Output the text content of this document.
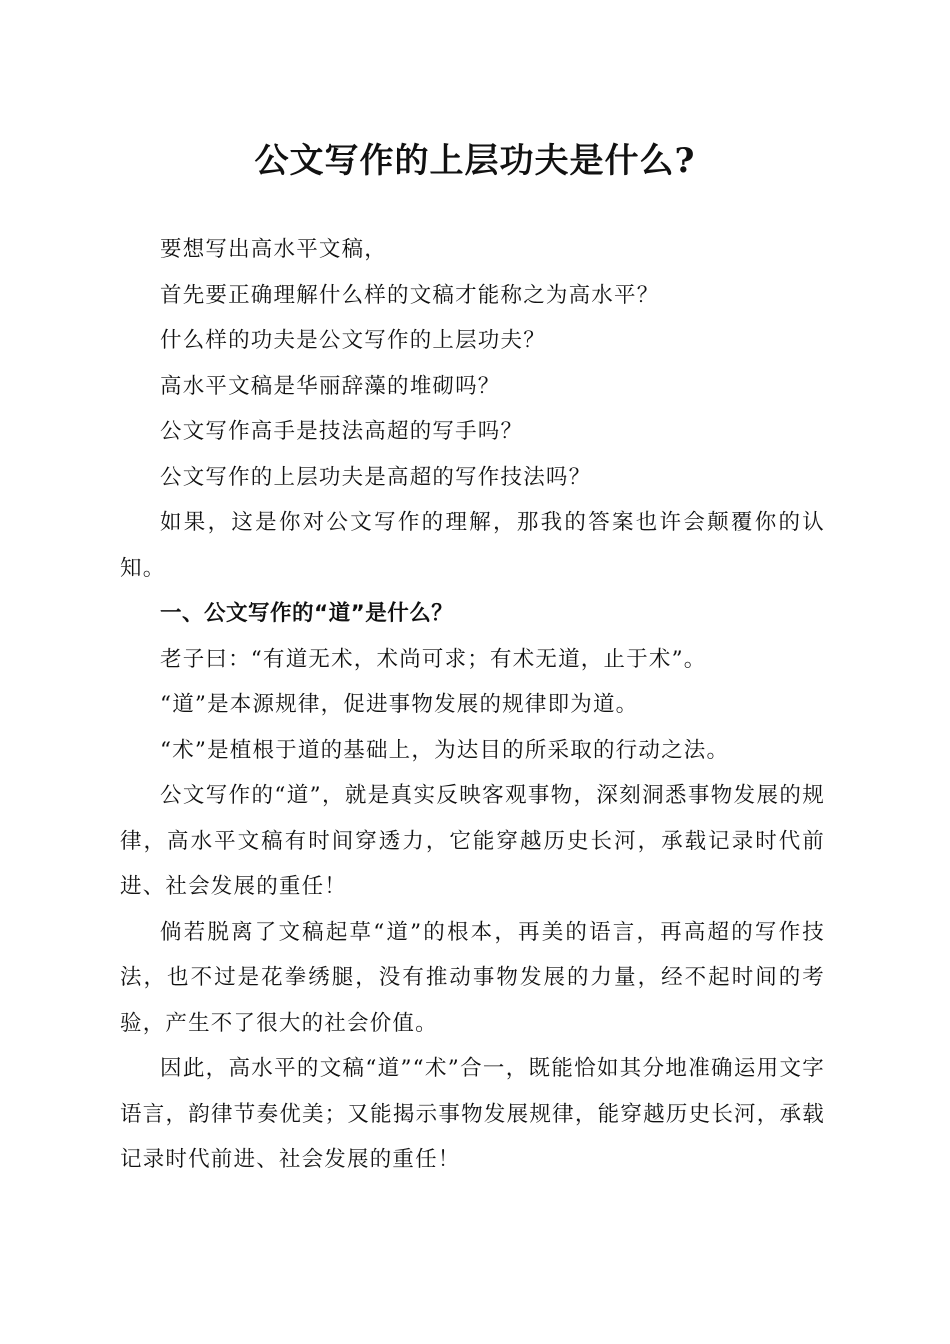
公文写作的上层功夫是什么?

要想写出高水平文稿，

首先要正确理解什么样的文稿才能称之为高水平？

什么样的功夫是公文写作的上层功夫？

高水平文稿是华丽辞藻的堆砌吗？

公文写作高手是技法高超的写手吗？

公文写作的上层功夫是高超的写作技法吗？

如果，这是你对公文写作的理解，那我的答案也许会颠覆你的认知。

一、公文写作的“道”是什么？

老子曰：“有道无术，术尚可求；有术无道，止于术”。

“道”是本源规律，促进事物发展的规律即为道。

“术”是植根于道的基础上，为达目的所采取的行动之法。

公文写作的“道”，就是真实反映客观事物，深刻洞悉事物发展的规律，高水平文稿有时间穿透力，它能穿越历史长河，承载记录时代前进、社会发展的重任！

倘若脱离了文稿起草“道”的根本，再美的语言，再高超的写作技法，也不过是花拳绣腿，没有推动事物发展的力量，经不起时间的考验，产生不了很大的社会价值。

因此，高水平的文稿“道”“术”合一，既能恰如其分地准确运用文字语言，韵律节奏优美；又能揭示事物发展规律，能穿越历史长河，承载记录时代前进、社会发展的重任！
